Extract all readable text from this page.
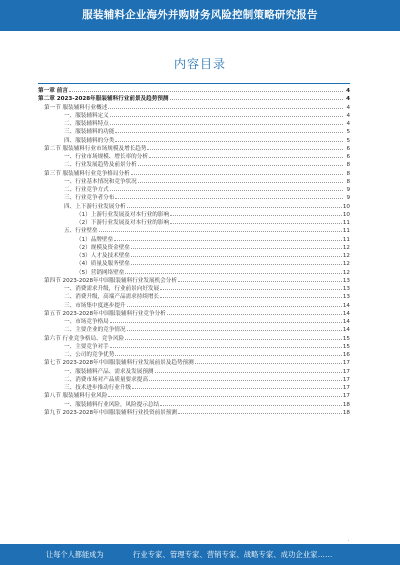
服装辅料企业海外并购财务风险控制策略研究报告
内容目录
第一章 前言	4
第二章 2023-2028年服装辅料行业前景及趋势预测	4
第一节 服装辅料行业概述	4
一、服装辅料定义	4
二、服装辅料特点	4
三、服装辅料的功能	5
四、服装辅料的分类	5
第二节 服装辅料行业市场规模及增长趋势	6
一、行业市场规模、增长率的分析	6
二、行业发展趋势及前景分析	8
第三节 服装辅料行业竞争格局分析	8
一、行业基本情况和竞争状况	8
二、行业竞争方式	9
三、行业竞争者分布	9
四、上下游行业发展分析	10
（1）上游行业发展及对本行业的影响	10
（2）下游行业发展及对本行业的影响	11
五、行业壁垒	11
（1）品牌壁垒	11
（2）规模及资金壁垒	12
（3）人才及技术壁垒	12
（4）质量及服务壁垒	12
（5）营销网络壁垒	12
第四节 2023-2028年中国服装辅料行业发展机会分析	13
一、消费需求升级，行业前景向好发展	13
二、消费升级，高端产品需求持续增长	13
三、市场集中度逐步提升	14
第五节 2023-2028年中国服装辅料行业竞争分析	14
一、市场竞争格局	14
二、主要企业的竞争情况	14
第六节 行业竞争格局、竞争风险	15
一、主要竞争对手	15
二、公司的竞争优势	16
第七节 2023-2028年中国服装辅料行业发展前景及趋势预测	17
一、服装辅料产品、需求及发展预测	17
二、消费市场对产品质量要求提高	17
三、技术进步推动行业升级	17
第八节 服装辅料行业风险	17
一、服装辅料行业风险，风险提示总结	18
第九节 2023-2028年中国服装辅料行业投资前景预测	18
·
让每个人都能成为	行业专家、管理专家、营销专家、战略专家、成功企业家……
